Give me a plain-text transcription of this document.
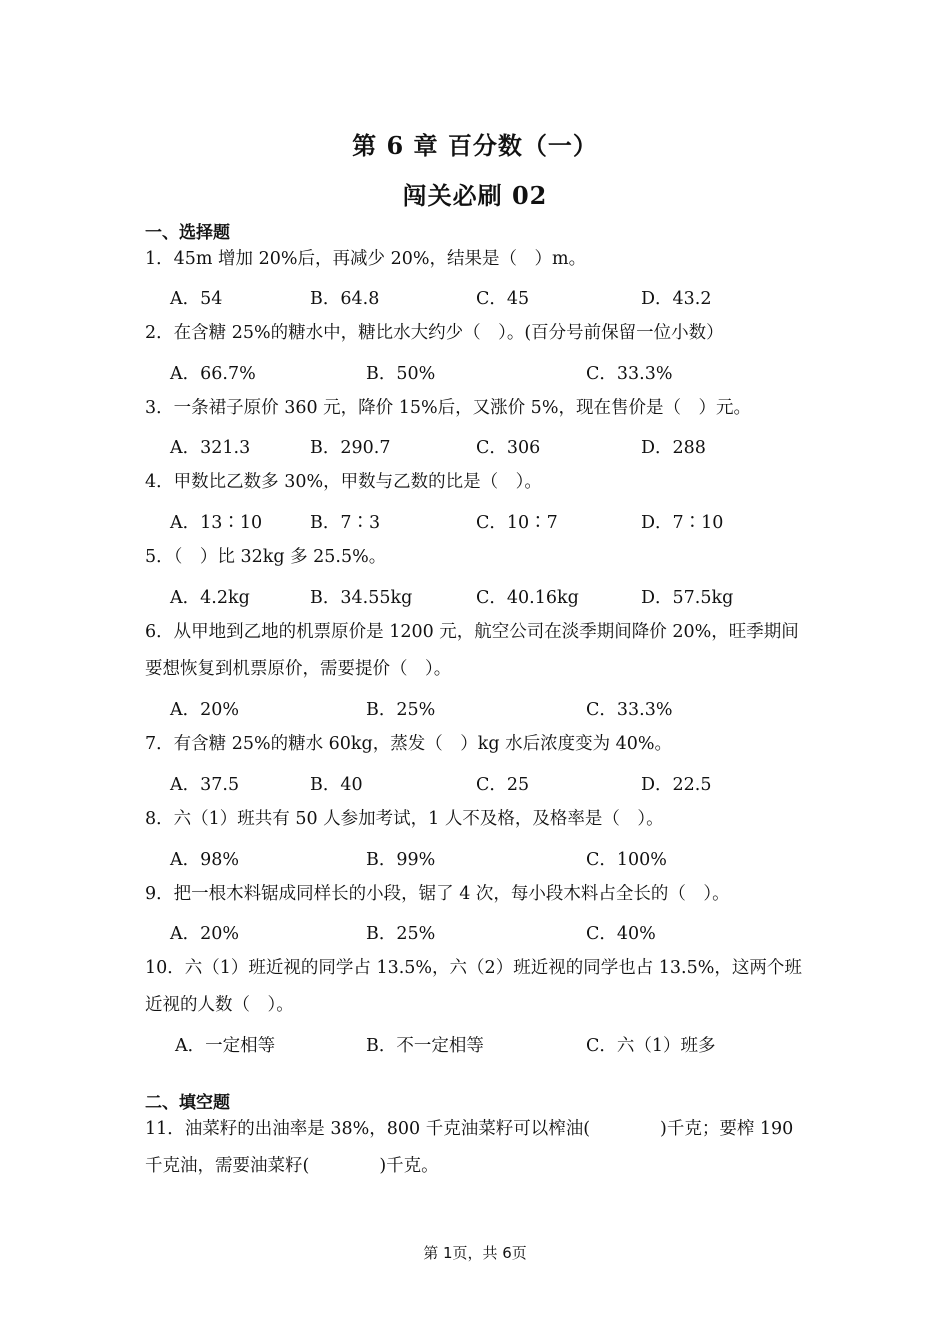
第 6 章 百分数（一）
闯关必刷 02
一、选择题
1．45m 增加 20%后，再减少 20%，结果是（　）m。
A．54	B．64.8	C．45	D．43.2
2．在含糖 25%的糖水中，糖比水大约少（　）。(百分号前保留一位小数）
A．66.7%	B．50%	C．33.3%
3．一条裙子原价 360 元，降价 15%后，又涨价 5%，现在售价是（　）元。
A．321.3	B．290.7	C．306	D．288
4．甲数比乙数多 30%，甲数与乙数的比是（　）。
A．13∶10	B．7∶3	C．10∶7	D．7∶10
5．（　）比 32kg 多 25.5%。
A．4.2kg	B．34.55kg	C．40.16kg	D．57.5kg
6．从甲地到乙地的机票原价是 1200 元，航空公司在淡季期间降价 20%，旺季期间要想恢复到机票原价，需要提价（　）。
A．20%	B．25%	C．33.3%
7．有含糖 25%的糖水 60kg，蒸发（　）kg 水后浓度变为 40%。
A．37.5	B．40	C．25	D．22.5
8．六（1）班共有 50 人参加考试，1 人不及格，及格率是（　）。
A．98%	B．99%	C．100%
9．把一根木料锯成同样长的小段，锯了 4 次，每小段木料占全长的（　）。
A．20%	B．25%	C．40%
10．六（1）班近视的同学占 13.5%，六（2）班近视的同学也占 13.5%，这两个班近视的人数（　）。
A．一定相等	B．不一定相等	C．六（1）班多
二、填空题
11．油菜籽的出油率是 38%，800 千克油菜籽可以榨油(　　　　)千克；要榨 190 千克油，需要油菜籽(　　　　)千克。
第 1页，共 6页
